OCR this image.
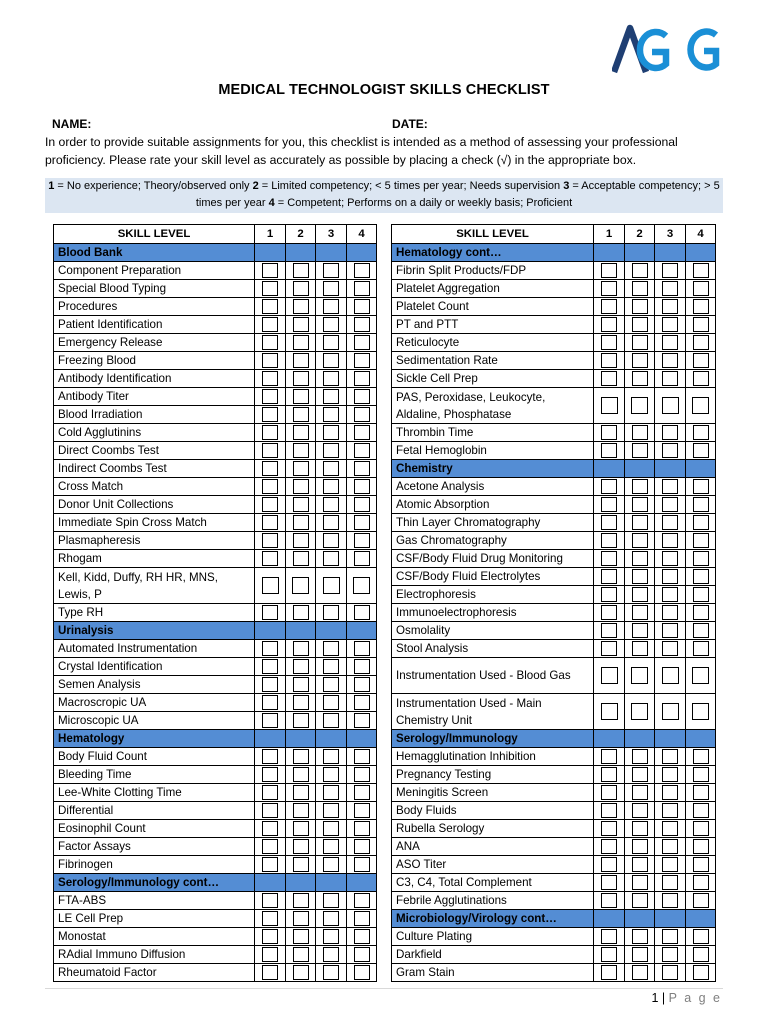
MEDICAL TECHNOLOGIST SKILLS CHECKLIST
NAME:	DATE:
In order to provide suitable assignments for you, this checklist is intended as a method of assessing your professional proficiency. Please rate your skill level as accurately as possible by placing a check (√) in the appropriate box.
1 = No experience; Theory/observed only 2 = Limited competency; < 5 times per year; Needs supervision 3 = Acceptable competency; > 5 times per year 4 = Competent; Performs on a daily or weekly basis; Proficient
SKILL LEVEL	1	2	3	4
Blood Bank				
Component Preparation				
Special Blood Typing				
Procedures				
Patient Identification				
Emergency Release				
Freezing Blood				
Antibody Identification				
Antibody Titer				
Blood Irradiation				
Cold Agglutinins				
Direct Coombs Test				
Indirect Coombs Test				
Cross Match				
Donor Unit Collections				
Immediate Spin Cross Match				
Plasmapheresis				
Rhogam				
Kell, Kidd, Duffy, RH HR, MNS, Lewis, P				
Type RH				
Urinalysis				
Automated Instrumentation				
Crystal Identification				
Semen Analysis				
Macroscropic UA				
Microscopic UA				
Hematology				
Body Fluid Count				
Bleeding Time				
Lee-White Clotting Time				
Differential				
Eosinophil Count				
Factor Assays				
Fibrinogen				
Serology/Immunology cont…				
FTA-ABS				
LE Cell Prep				
Monostat				
RAdial Immuno Diffusion				
Rheumatoid Factor				
SKILL LEVEL	1	2	3	4
Hematology cont…				
Fibrin Split Products/FDP				
Platelet Aggregation				
Platelet Count				
PT and PTT				
Reticulocyte				
Sedimentation Rate				
Sickle Cell Prep				
PAS, Peroxidase, Leukocyte, Aldaline, Phosphatase				
Thrombin Time				
Fetal Hemoglobin				
Chemistry				
Acetone Analysis				
Atomic Absorption				
Thin Layer Chromatography				
Gas Chromatography				
CSF/Body Fluid Drug Monitoring				
CSF/Body Fluid Electrolytes				
Electrophoresis				
Immunoelectrophoresis				
Osmolality				
Stool Analysis				
Instrumentation Used - Blood Gas				
Instrumentation Used - Main Chemistry Unit				
Serology/Immunology				
Hemagglutination Inhibition				
Pregnancy Testing				
Meningitis Screen				
Body Fluids				
Rubella Serology				
ANA				
ASO Titer				
C3, C4, Total Complement				
Febrile Agglutinations				
Microbiology/Virology cont…				
Culture Plating				
Darkfield				
Gram Stain				
1 | P a g e
